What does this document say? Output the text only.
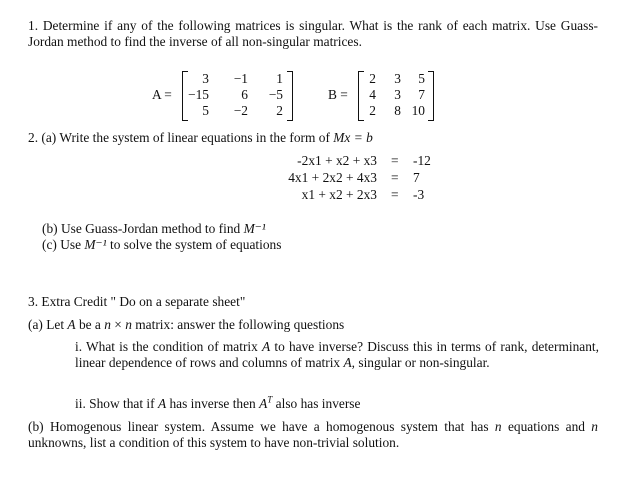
1. Determine if any of the following matrices is singular. What is the rank of each matrix. Use Guass-Jordan method to find the inverse of all non-singular matrices.
A =
3 −1 1
−15 6 −5
5 −2 2
B =
2 3 5
4 3 7
2 8 10
2. (a) Write the system of linear equations in the form of Mx = b
-2x1 + x2 + x3 = -12
4x1 + 2x2 + 4x3 = 7
x1 + x2 + 2x3 = -3
(b) Use Guass-Jordan method to find M⁻¹
(c) Use M⁻¹ to solve the system of equations
3. Extra Credit " Do on a separate sheet"
(a) Let A be a n × n matrix: answer the following questions
i. What is the condition of matrix A to have inverse? Discuss this in terms of rank, determinant, linear dependence of rows and columns of matrix A, singular or non-singular.
ii. Show that if A has inverse then $A^T$ also has inverse
(b) Homogenous linear system. Assume we have a homogenous system that has n equations and n unknowns, list a condition of this system to have non-trivial solution.
